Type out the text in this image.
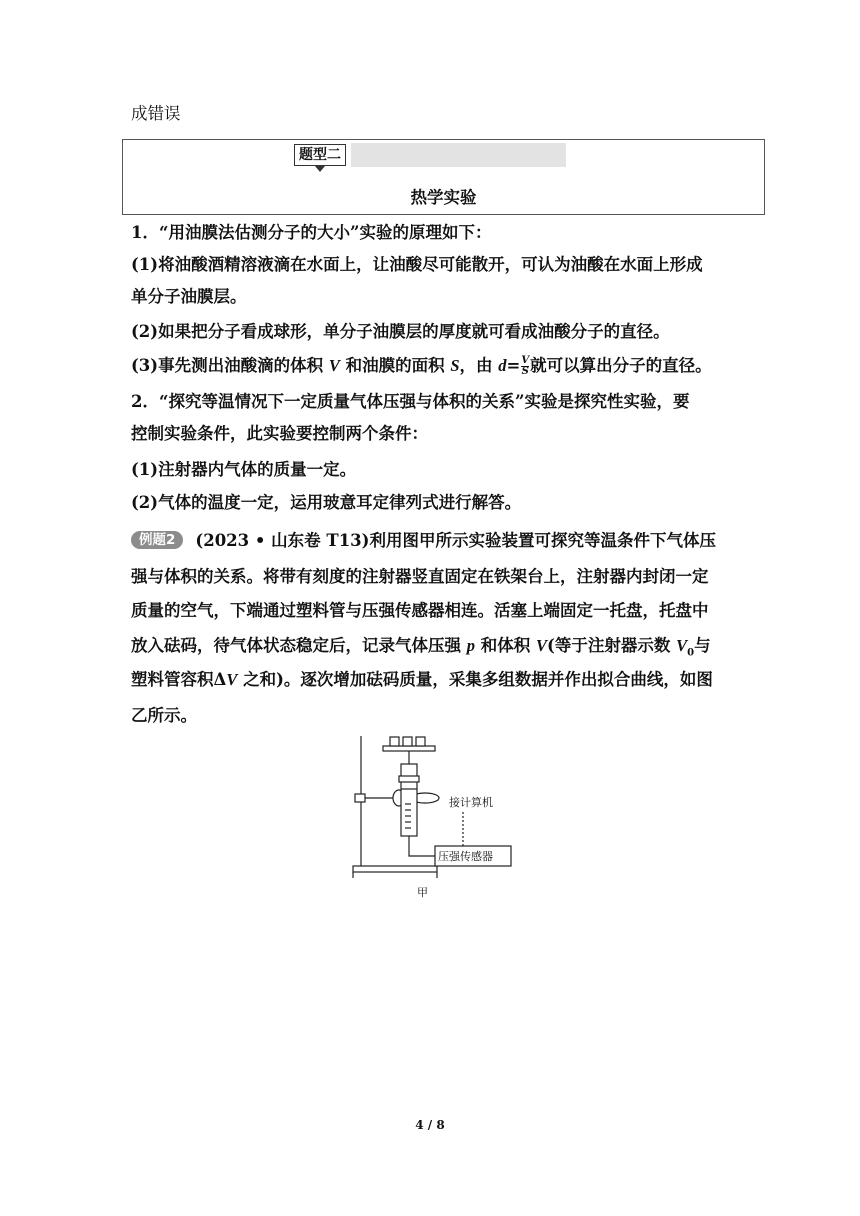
成错误
题型二
热学实验
1．“用油膜法估测分子的大小”实验的原理如下：
(1)将油酸酒精溶液滴在水面上，让油酸尽可能散开，可认为油酸在水面上形成
单分子油膜层。
(2)如果把分子看成球形，单分子油膜层的厚度就可看成油酸分子的直径。
(3)事先测出油酸滴的体积 V 和油膜的面积 S，由 $d= \frac{V}{S}$ 就可以算出分子的直径。
2．“探究等温情况下一定质量气体压强与体积的关系”实验是探究性实验，要
控制实验条件，此实验要控制两个条件：
(1)注射器内气体的质量一定。
(2)气体的温度一定，运用玻意耳定律列式进行解答。
例题2 (2023 • 山东卷 T13)利用图甲所示实验装置可探究等温条件下气体压
强与体积的关系。将带有刻度的注射器竖直固定在铁架台上，注射器内封闭一定
质量的空气，下端通过塑料管与压强传感器相连。活塞上端固定一托盘，托盘中
放入砝码，待气体状态稳定后，记录气体压强 p 和体积 V(等于注射器示数 $V_0$与
塑料管容积ΔV 之和)。逐次增加砝码质量，采集多组数据并作出拟合曲线，如图
乙所示。
接计算机
压强传感器
甲
4 / 8
